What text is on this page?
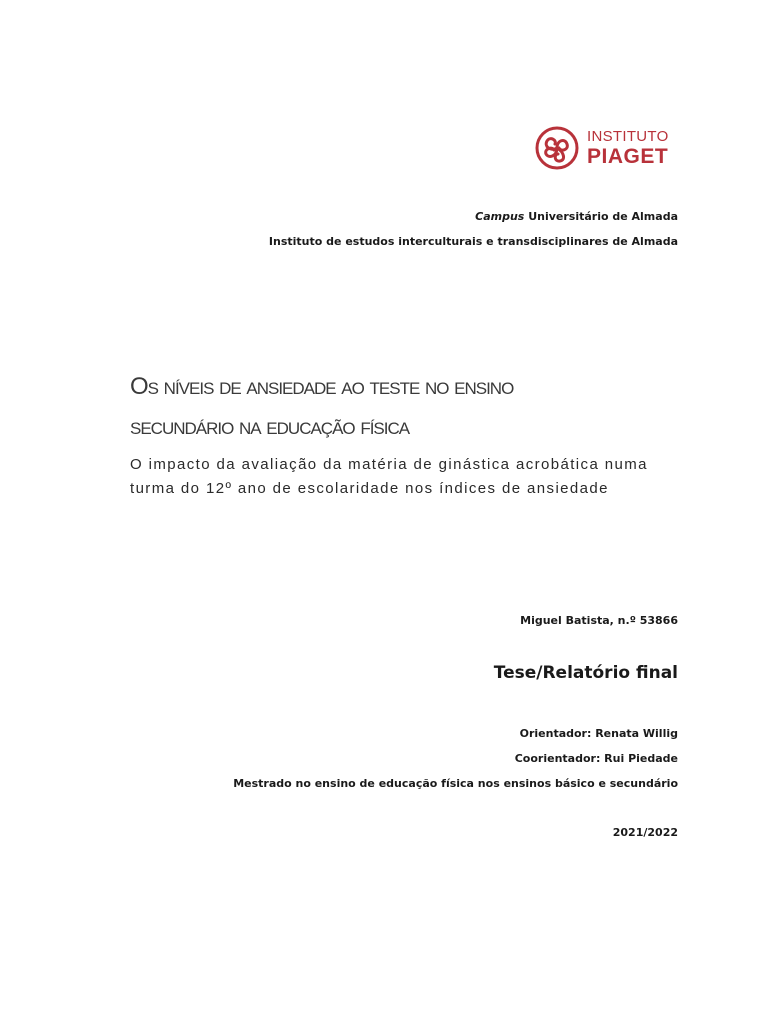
INSTITUTO
PIAGET
Campus Universitário de Almada
Instituto de estudos interculturais e transdisciplinares de Almada
Os níveis de ansiedade ao teste no ensino
secundário na educação física
O impacto da avaliação da matéria de ginástica acrobática numa
turma do 12º ano de escolaridade nos índices de ansiedade
Miguel Batista, n.º 53866
Tese/Relatório final
Orientador: Renata Willig
Coorientador: Rui Piedade
Mestrado no ensino de educação física nos ensinos básico e secundário
2021/2022
